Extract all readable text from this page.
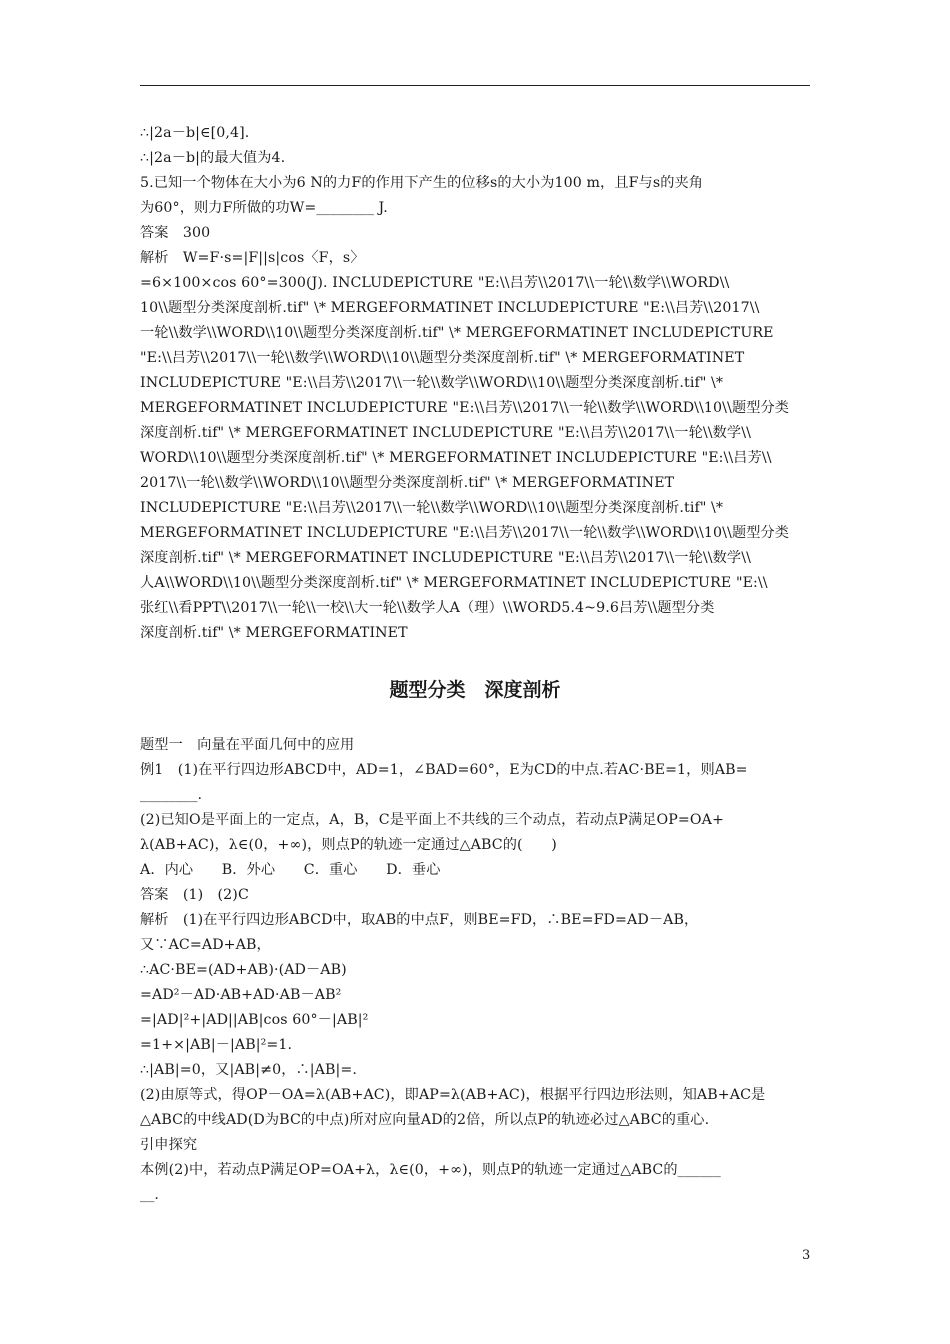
∴|2a－b|∈[0,4].
∴|2a－b|的最大值为4.
5.已知一个物体在大小为6 N的力F的作用下产生的位移s的大小为100 m，且F与s的夹角
为60°，则力F所做的功W=________ J.
答案　300
解析　W=F·s=|F||s|cos〈F，s〉
=6×100×cos 60°=300(J). INCLUDEPICTURE "E:\\吕芳\\2017\\一轮\\数学\\WORD\\
10\\题型分类深度剖析.tif" \* MERGEFORMATINET INCLUDEPICTURE "E:\\吕芳\\2017\\
一轮\\数学\\WORD\\10\\题型分类深度剖析.tif" \* MERGEFORMATINET INCLUDEPICTURE
"E:\\吕芳\\2017\\一轮\\数学\\WORD\\10\\题型分类深度剖析.tif" \* MERGEFORMATINET
INCLUDEPICTURE "E:\\吕芳\\2017\\一轮\\数学\\WORD\\10\\题型分类深度剖析.tif" \*
MERGEFORMATINET INCLUDEPICTURE "E:\\吕芳\\2017\\一轮\\数学\\WORD\\10\\题型分类
深度剖析.tif" \* MERGEFORMATINET INCLUDEPICTURE "E:\\吕芳\\2017\\一轮\\数学\\
WORD\\10\\题型分类深度剖析.tif" \* MERGEFORMATINET INCLUDEPICTURE "E:\\吕芳\\
2017\\一轮\\数学\\WORD\\10\\题型分类深度剖析.tif" \* MERGEFORMATINET
INCLUDEPICTURE "E:\\吕芳\\2017\\一轮\\数学\\WORD\\10\\题型分类深度剖析.tif" \*
MERGEFORMATINET INCLUDEPICTURE "E:\\吕芳\\2017\\一轮\\数学\\WORD\\10\\题型分类
深度剖析.tif" \* MERGEFORMATINET INCLUDEPICTURE "E:\\吕芳\\2017\\一轮\\数学\\
人A\\WORD\\10\\题型分类深度剖析.tif" \* MERGEFORMATINET INCLUDEPICTURE "E:\\
张红\\看PPT\\2017\\一轮\\一校\\大一轮\\数学人A（理）\\WORD5.4~9.6吕芳\\题型分类
深度剖析.tif" \* MERGEFORMATINET
题型分类　深度剖析
题型一　向量在平面几何中的应用
例1　(1)在平行四边形ABCD中，AD=1，∠BAD=60°，E为CD的中点.若AC·BE=1，则AB=
________.
(2)已知O是平面上的一定点，A，B，C是平面上不共线的三个动点，若动点P满足OP=OA+
λ(AB+AC)，λ∈(0，+∞)，则点P的轨迹一定通过△ABC的(　　)
A．内心　　B．外心　　C．重心　　D．垂心
答案　(1)　(2)C
解析　(1)在平行四边形ABCD中，取AB的中点F，则BE=FD，∴BE=FD=AD－AB，
又∵AC=AD+AB，
∴AC·BE=(AD+AB)·(AD－AB)
=AD²－AD·AB+AD·AB－AB²
=|AD|²+|AD||AB|cos 60°－|AB|²
=1+×|AB|－|AB|²=1.
∴|AB|=0，又|AB|≠0，∴|AB|=.
(2)由原等式，得OP－OA=λ(AB+AC)，即AP=λ(AB+AC)，根据平行四边形法则，知AB+AC是
△ABC的中线AD(D为BC的中点)所对应向量AD的2倍，所以点P的轨迹必过△ABC的重心.
引申探究
本例(2)中，若动点P满足OP=OA+λ，λ∈(0，+∞)，则点P的轨迹一定通过△ABC的______
__.
3
